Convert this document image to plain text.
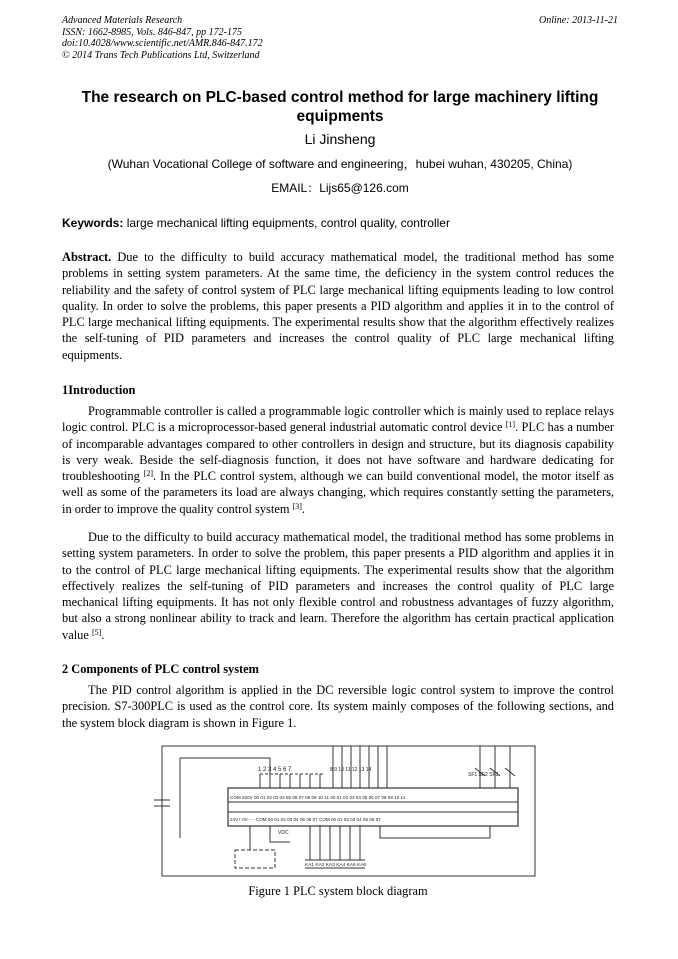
Advanced Materials Research
ISSN: 1662-8985, Vols. 846-847, pp 172-175
doi:10.4028/www.scientific.net/AMR.846-847.172
© 2014 Trans Tech Publications Ltd, Switzerland
Online: 2013-11-21
The research on PLC-based control method for large machinery lifting
equipments
Li Jinsheng
(Wuhan Vocational College of software and engineering，hubei wuhan, 430205, China)
EMAIL：Lijs65@126.com
Keywords: large mechanical lifting equipments, control quality, controller
Abstract. Due to the difficulty to build accuracy mathematical model, the traditional method has some problems in setting system parameters. At the same time, the deficiency in the system control reduces the reliability and the safety of control system of PLC large mechanical lifting equipments leading to low control quality. In order to solve the problems, this paper presents a PID algorithm and applies it in to the control of PLC large mechanical lifting equipments. The experimental results show that the algorithm effectively realizes the self-tuning of PID parameters and increases the control quality of PLC large mechanical lifting equipments.
1Introduction
Programmable controller is called a programmable logic controller which is mainly used to replace relays logic control. PLC is a microprocessor-based general industrial automatic control device [1]. PLC has a number of incomparable advantages compared to other controllers in design and structure, but its diagnosis capability is very weak. Beside the self-diagnosis function, it does not have software and hardware dedicating for troubleshooting [2]. In the PLC control system, although we can build conventional model, the motor itself as well as some of the parameters its load are always changing, which requires constantly setting the parameters, in order to improve the quality control system [3].
Due to the difficulty to build accuracy mathematical model, the traditional method has some problems in setting system parameters. In order to solve the problem, this paper presents a PID algorithm and applies it in to the control of PLC large mechanical lifting equipments. The experimental results show that the algorithm effectively realizes the self-tuning of PID parameters and increases the control quality of PLC large mechanical lifting equipments. It has not only flexible control and robustness advantages of fuzzy algorithm, but also a strong nonlinear ability to track and learn. Therefore the algorithm has certain practical application value [5].
2 Components of PLC control system
The PID control algorithm is applied in the DC reversible logic control system to improve the control precision. S7-300PLC is used as the control core. Its system mainly composes of the following sections, and the system block diagram is shown in Figure 1.
1 2 3 4 5 6 7	8 9 10 11 12 13 14
SF1 SF2 SF3
COM 220V 00 01 02 03 04 05 06 07 08 09 10 11 00 01 02 03 04 05 06 07 08 09 10 11
24V+ 0V- - - COM 00 01 02 03 04 05 06 07 COM 00 01 02 03 04 05 06 07
VDC
KA1 KA2 KA3 KA4 KA5 KA6
Figure 1 PLC system block diagram
